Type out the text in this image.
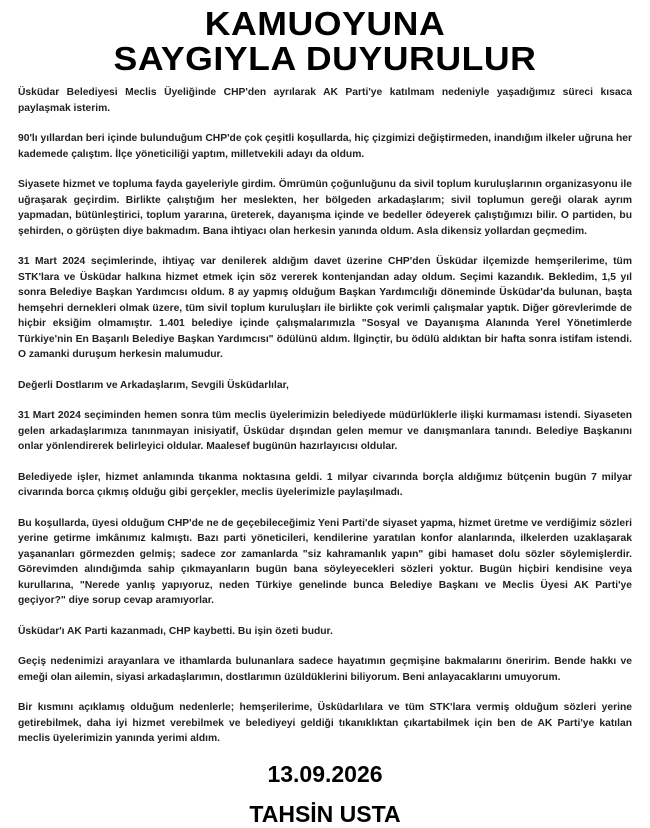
KAMUOYUNA
SAYGIYLA DUYURULUR

Üsküdar Belediyesi Meclis Üyeliğinde CHP'den ayrılarak AK Parti'ye katılmam nedeniyle yaşadığımız süreci kısaca paylaşmak isterim.

90'lı yıllardan beri içinde bulunduğum CHP'de çok çeşitli koşullarda, hiç çizgimizi değiştirmeden, inandığım ilkeler uğruna her kademede çalıştım. İlçe yöneticiliği yaptım, milletvekili adayı da oldum.

Siyasete hizmet ve topluma fayda gayeleriyle girdim. Ömrümün çoğunluğunu da sivil toplum kuruluşlarının organizasyonu ile uğraşarak geçirdim. Birlikte çalıştığım her meslekten, her bölgeden arkadaşlarım; sivil toplumun gereği olarak ayrım yapmadan, bütünleştirici, toplum yararına, üreterek, dayanışma içinde ve bedeller ödeyerek çalıştığımızı bilir. O partiden, bu şehirden, o görüşten diye bakmadım. Bana ihtiyacı olan herkesin yanında oldum. Asla dikensiz yollardan geçmedim.

31 Mart 2024 seçimlerinde, ihtiyaç var denilerek aldığım davet üzerine CHP'den Üsküdar ilçemizde hemşerilerime, tüm STK'lara ve Üsküdar halkına hizmet etmek için söz vererek kontenjandan aday oldum. Seçimi kazandık. Bekledim, 1,5 yıl sonra Belediye Başkan Yardımcısı oldum. 8 ay yapmış olduğum Başkan Yardımcılığı döneminde Üsküdar'da bulunan, başta hemşehri dernekleri olmak üzere, tüm sivil toplum kuruluşları ile birlikte çok verimli çalışmalar yaptık. Diğer görevlerimde de hiçbir eksiğim olmamıştır. 1.401 belediye içinde çalışmalarımızla "Sosyal ve Dayanışma Alanında Yerel Yönetimlerde Türkiye'nin En Başarılı Belediye Başkan Yardımcısı" ödülünü aldım. İlginçtir, bu ödülü aldıktan bir hafta sonra istifam istendi. O zamanki duruşum herkesin malumudur.

Değerli Dostlarım ve Arkadaşlarım, Sevgili Üsküdarlılar,

31 Mart 2024 seçiminden hemen sonra tüm meclis üyelerimizin belediyede müdürlüklerle ilişki kurmaması istendi. Siyaseten gelen arkadaşlarımıza tanınmayan inisiyatif, Üsküdar dışından gelen memur ve danışmanlara tanındı. Belediye Başkanını onlar yönlendirerek belirleyici oldular. Maalesef bugünün hazırlayıcısı oldular.

Belediyede işler, hizmet anlamında tıkanma noktasına geldi. 1 milyar civarında borçla aldığımız bütçenin bugün 7 milyar civarında borca çıkmış olduğu gibi gerçekler, meclis üyelerimizle paylaşılmadı.

Bu koşullarda, üyesi olduğum CHP'de ne de geçebileceğimiz Yeni Parti'de siyaset yapma, hizmet üretme ve verdiğimiz sözleri yerine getirme imkânımız kalmıştı. Bazı parti yöneticileri, kendilerine yaratılan konfor alanlarında, ilkelerden uzaklaşarak yaşananları görmezden gelmiş; sadece zor zamanlarda "siz kahramanlık yapın" gibi hamaset dolu sözler söylemişlerdir. Görevimden alındığımda sahip çıkmayanların bugün bana söyleyecekleri sözleri yoktur. Bugün hiçbiri kendisine veya kurullarına, "Nerede yanlış yapıyoruz, neden Türkiye genelinde bunca Belediye Başkanı ve Meclis Üyesi AK Parti'ye geçiyor?" diye sorup cevap aramıyorlar.

Üsküdar'ı AK Parti kazanmadı, CHP kaybetti. Bu işin özeti budur.

Geçiş nedenimizi arayanlara ve ithamlarda bulunanlara sadece hayatımın geçmişine bakmalarını öneririm. Bende hakkı ve emeği olan ailemin, siyasi arkadaşlarımın, dostlarımın üzüldüklerini biliyorum. Beni anlayacaklarını umuyorum.

Bir kısmını açıklamış olduğum nedenlerle; hemşerilerime, Üsküdarlılara ve tüm STK'lara vermiş olduğum sözleri yerine getirebilmek, daha iyi hizmet verebilmek ve belediyeyi geldiği tıkanıklıktan çıkartabilmek için ben de AK Parti'ye katılan meclis üyelerimizin yanında yerimi aldım.

13.09.2026
TAHSİN USTA
